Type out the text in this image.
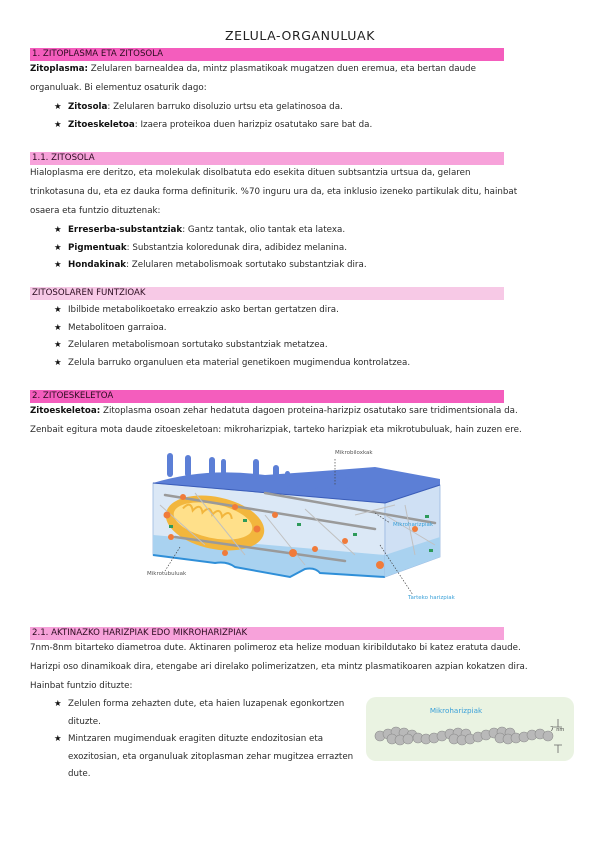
ZELULA-ORGANULUAK
1. ZITOPLASMA ETA ZITOSOLA
Zitoplasma: Zelularen barnealdea da, mintz plasmatikoak mugatzen duen eremua, eta bertan daude
organuluak. Bi elementuz osaturik dago:
★ Zitosola: Zelularen barruko disoluzio urtsu eta gelatinosoa da.
★ Zitoeskeletoa: Izaera proteikoa duen harizpiz osatutako sare bat da.
1.1. ZITOSOLA
Hialoplasma ere deritzo, eta molekulak disolbatuta edo esekita dituen subtsantzia urtsua da, gelaren
trinkotasuna du, eta ez dauka forma definiturik. %70 inguru ura da, eta inklusio izeneko partikulak ditu, hainbat
osaera eta funtzio dituztenak:
★ Erreserba-substantziak: Gantz tantak, olio tantak eta latexa.
★ Pigmentuak: Substantzia koloredunak dira, adibidez melanina.
★ Hondakinak: Zelularen metabolismoak sortutako substantziak dira.
ZITOSOLAREN FUNTZIOAK
★ Ibilbide metabolikoetako erreakzio asko bertan gertatzen dira.
★ Metabolitoen garraioa.
★ Zelularen metabolismoan sortutako substantziak metatzea.
★ Zelula barruko organuluen eta material genetikoen mugimendua kontrolatzea.
2. ZITOESKELETOA
Zitoeskeletoa: Zitoplasma osoan zehar hedatuta dagoen proteina-harizpiz osatutako sare tridimentsionala da.
Zenbait egitura mota daude zitoeskeletoan: mikroharizpiak, tarteko harizpiak eta mikrotubuluak, hain zuzen ere.
Mikrobiloxkak
Mikroharizpiak
Mikrotubuluak
Tarteko harizpiak
2.1. AKTINAZKO HARIZPIAK EDO MIKROHARIZPIAK
7nm-8nm bitarteko diametroa dute. Aktinaren polimeroz eta helize moduan kiribildutako bi katez eratuta daude.
Harizpi oso dinamikoak dira, etengabe ari direlako polimerizatzen, eta mintz plasmatikoaren azpian kokatzen dira.
Hainbat funtzio dituzte:
★ Zelulen forma zehazten dute, eta haien luzapenak egonkortzen dituzte.
★ Mintzaren mugimenduak eragiten dituzte endozitosian eta exozitosian, eta organuluak zitoplasman zehar mugitzea errazten dute.
Mikroharizpiak
7 nm
